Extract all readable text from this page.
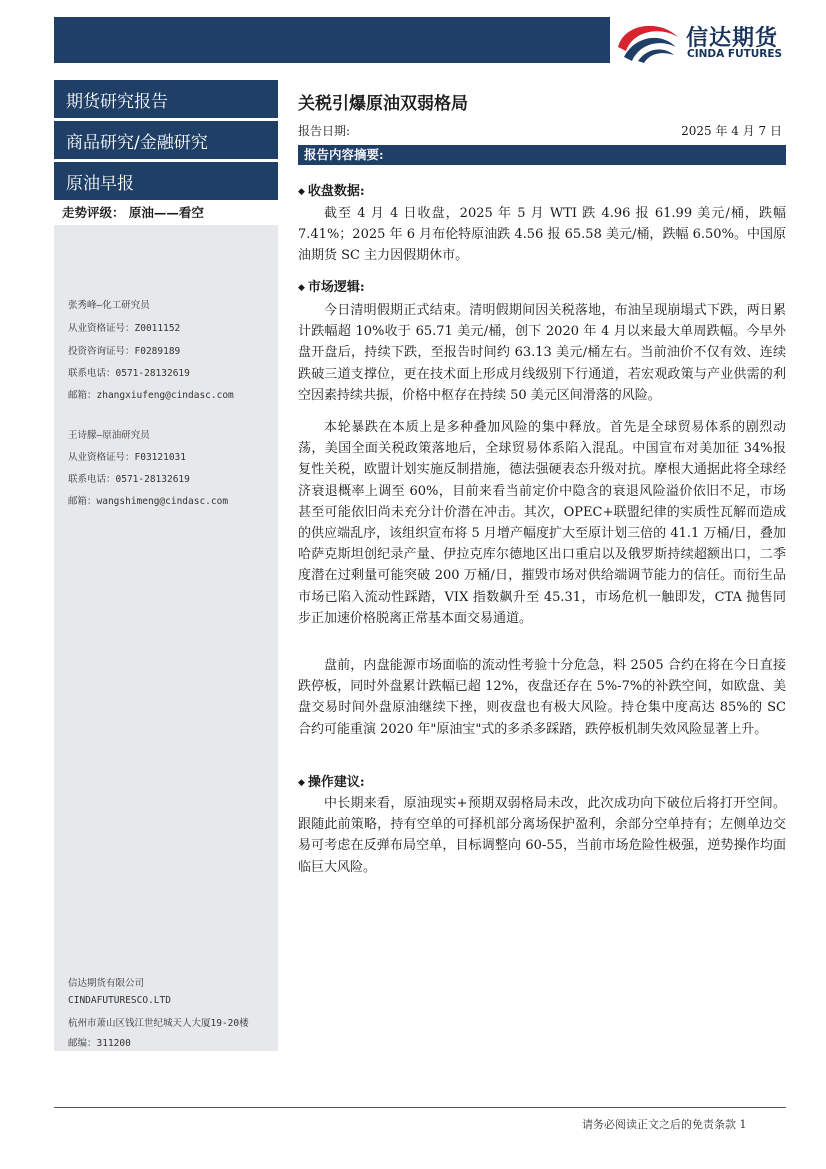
信达期货
CINDA FUTURES
期货研究报告
商品研究/金融研究
原油早报
走势评级： 原油——看空
张秀峰—化工研究员
从业资格证号：Z0011152
投资咨询证号：F0289189
联系电话：0571-28132619
邮箱：zhangxiufeng@cindasc.com
王诗朦—原油研究员
从业资格证号：F03121031
联系电话：0571-28132619
邮箱：wangshimeng@cindasc.com
信达期货有限公司
CINDAFUTURESCO.LTD
杭州市萧山区钱江世纪城天人大厦19-20楼
邮编：311200
关税引爆原油双弱格局
报告日期:	2025 年 4 月 7 日
报告内容摘要:
◆ 收盘数据:

截至 4 月 4 日收盘，2025 年 5 月 WTI 跌 4.96 报 61.99 美元/桶，跌幅 7.41%；2025 年 6 月布伦特原油跌 4.56 报 65.58 美元/桶，跌幅 6.50%。中国原油期货 SC 主力因假期休市。

◆ 市场逻辑:

今日清明假期正式结束。清明假期间因关税落地，布油呈现崩塌式下跌，两日累计跌幅超 10%收于 65.71 美元/桶，创下 2020 年 4 月以来最大单周跌幅。今早外盘开盘后，持续下跌，至报告时间约 63.13 美元/桶左右。当前油价不仅有效、连续跌破三道支撑位，更在技术面上形成月线级别下行通道，若宏观政策与产业供需的利空因素持续共振，价格中枢存在持续 50 美元区间滑落的风险。

本轮暴跌在本质上是多种叠加风险的集中释放。首先是全球贸易体系的剧烈动荡，美国全面关税政策落地后，全球贸易体系陷入混乱。中国宣布对美加征 34%报复性关税，欧盟计划实施反制措施，德法强硬表态升级对抗。摩根大通据此将全球经济衰退概率上调至 60%，目前来看当前定价中隐含的衰退风险溢价依旧不足，市场甚至可能依旧尚未充分计价潜在冲击。其次，OPEC+联盟纪律的实质性瓦解而造成的供应端乱序，该组织宣布将 5 月增产幅度扩大至原计划三倍的 41.1 万桶/日，叠加哈萨克斯坦创纪录产量、伊拉克库尔德地区出口重启以及俄罗斯持续超额出口，二季度潜在过剩量可能突破 200 万桶/日，摧毁市场对供给端调节能力的信任。而衍生品市场已陷入流动性踩踏，VIX 指数飙升至 45.31，市场危机一触即发，CTA 抛售同步正加速价格脱离正常基本面交易通道。

盘前，内盘能源市场面临的流动性考验十分危急，料 2505 合约在将在今日直接跌停板，同时外盘累计跌幅已超 12%，夜盘还存在 5%-7%的补跌空间，如欧盘、美盘交易时间外盘原油继续下挫，则夜盘也有极大风险。持仓集中度高达 85%的 SC 合约可能重演 2020 年"原油宝"式的多杀多踩踏，跌停板机制失效风险显著上升。

◆ 操作建议:

中长期来看，原油现实+预期双弱格局未改，此次成功向下破位后将打开空间。跟随此前策略，持有空单的可择机部分离场保护盈利，余部分空单持有；左侧单边交易可考虑在反弹布局空单，目标调整向 60-55，当前市场危险性极强，逆势操作均面临巨大风险。

请务必阅读正文之后的免责条款 1
